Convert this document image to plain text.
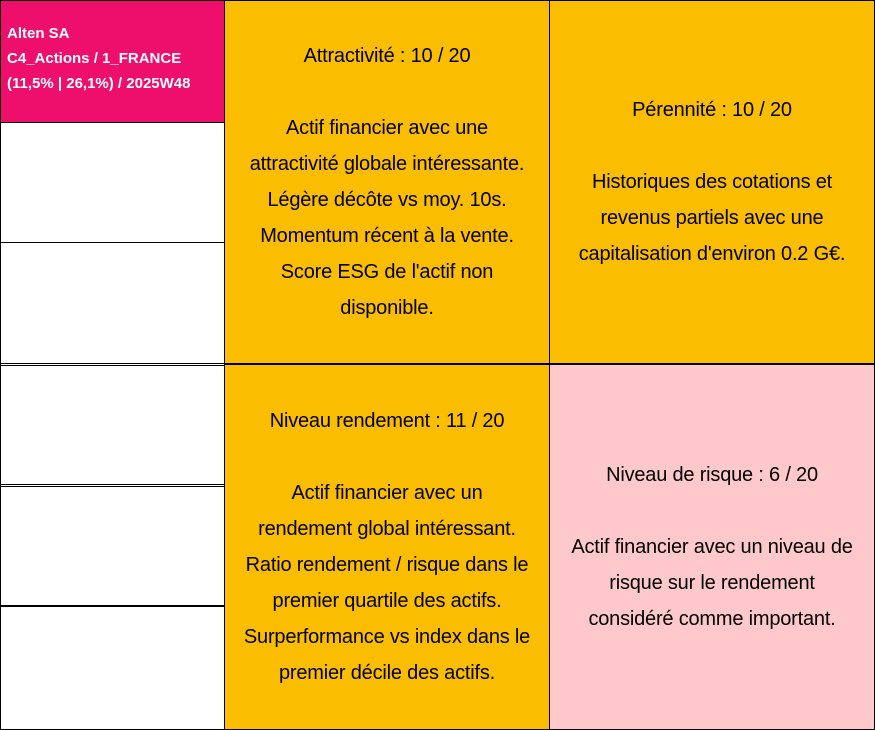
Alten SA
C4_Actions / 1_FRANCE
(11,5% | 26,1%) / 2025W48
Attractivité : 10 / 20
Actif financier avec une
attractivité globale intéressante.
Légère décôte vs moy. 10s.
Momentum récent à la vente.
Score ESG de l'actif non
disponible.
Pérennité : 10 / 20
Historiques des cotations et
revenus partiels avec une
capitalisation d'environ 0.2 G€.
Niveau rendement : 11 / 20
Actif financier avec un
rendement global intéressant.
Ratio rendement / risque dans le
premier quartile des actifs.
Surperformance vs index dans le
premier décile des actifs.
Niveau de risque : 6 / 20
Actif financier avec un niveau de
risque sur le rendement
considéré comme important.
